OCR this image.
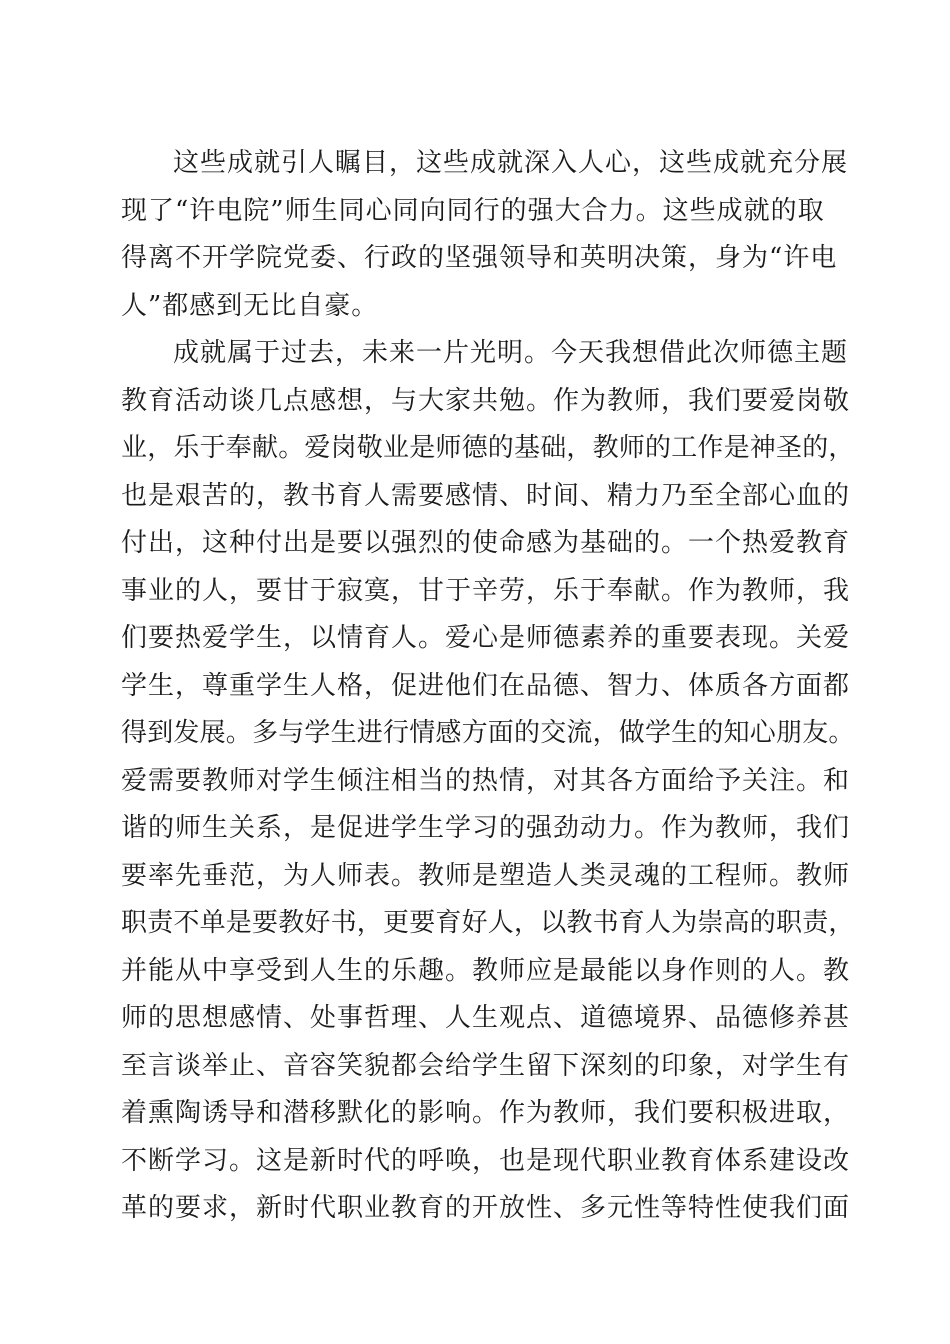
这些成就引人瞩目，这些成就深入人心，这些成就充分展
现了“许电院”师生同心同向同行的强大合力。这些成就的取
得离不开学院党委、行政的坚强领导和英明决策，身为“许电
人”都感到无比自豪。
成就属于过去，未来一片光明。今天我想借此次师德主题
教育活动谈几点感想，与大家共勉。作为教师，我们要爱岗敬
业，乐于奉献。爱岗敬业是师德的基础，教师的工作是神圣的，
也是艰苦的，教书育人需要感情、时间、精力乃至全部心血的
付出，这种付出是要以强烈的使命感为基础的。一个热爱教育
事业的人，要甘于寂寞，甘于辛劳，乐于奉献。作为教师，我
们要热爱学生，以情育人。爱心是师德素养的重要表现。关爱
学生，尊重学生人格，促进他们在品德、智力、体质各方面都
得到发展。多与学生进行情感方面的交流，做学生的知心朋友。
爱需要教师对学生倾注相当的热情，对其各方面给予关注。和
谐的师生关系，是促进学生学习的强劲动力。作为教师，我们
要率先垂范，为人师表。教师是塑造人类灵魂的工程师。教师
职责不单是要教好书，更要育好人，以教书育人为崇高的职责，
并能从中享受到人生的乐趣。教师应是最能以身作则的人。教
师的思想感情、处事哲理、人生观点、道德境界、品德修养甚
至言谈举止、音容笑貌都会给学生留下深刻的印象，对学生有
着熏陶诱导和潜移默化的影响。作为教师，我们要积极进取，
不断学习。这是新时代的呼唤，也是现代职业教育体系建设改
革的要求，新时代职业教育的开放性、多元性等特性使我们面
